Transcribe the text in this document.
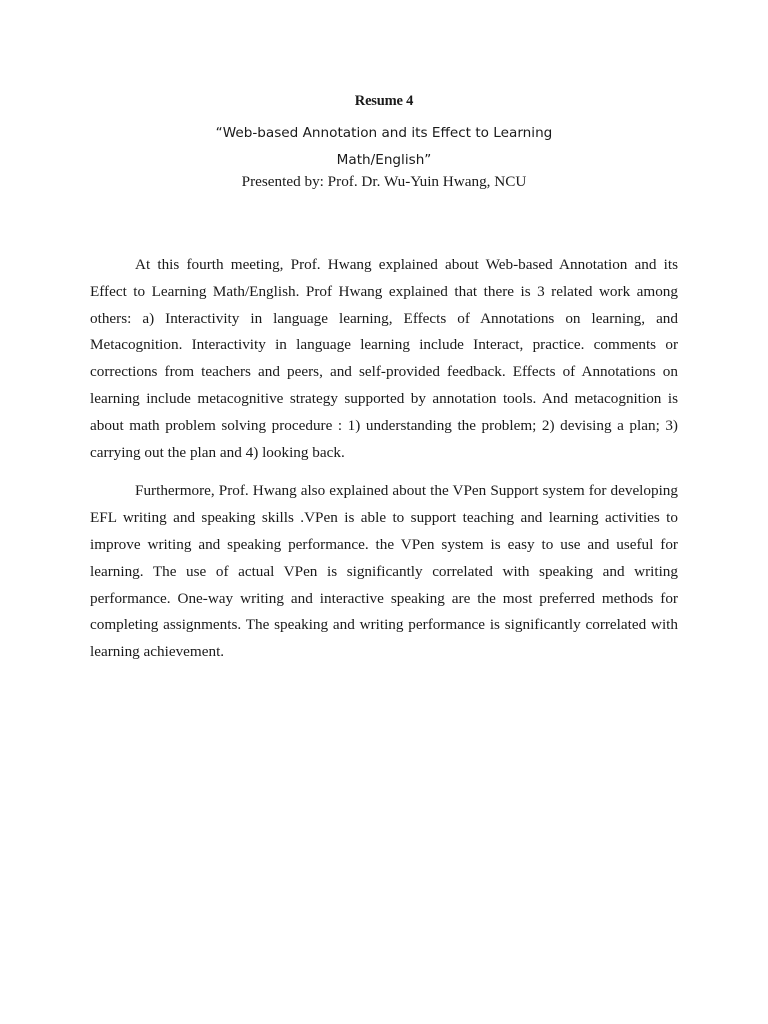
Resume 4
“Web-based Annotation and its Effect to Learning
Math/English”

Presented by: Prof. Dr. Wu-Yuin Hwang, NCU

At this fourth meeting, Prof. Hwang explained about Web-based Annotation and its Effect to Learning Math/English. Prof Hwang explained that there is 3 related work among others: a) Interactivity in language learning, Effects of Annotations on learning, and Metacognition. Interactivity in language learning include Interact, practice. comments or corrections from teachers and peers, and self-provided feedback. Effects of Annotations on learning include metacognitive strategy supported by annotation tools. And metacognition is about math problem solving procedure : 1) understanding the problem; 2) devising a plan; 3) carrying out the plan and 4) looking back.

Furthermore, Prof. Hwang also explained about the VPen Support system for developing EFL writing and speaking skills .VPen is able to support teaching and learning activities to improve writing and speaking performance. the VPen system is easy to use and useful for learning. The use of actual VPen is significantly correlated with speaking and writing performance. One-way writing and interactive speaking are the most preferred methods for completing assignments. The speaking and writing performance is significantly correlated with learning achievement.
